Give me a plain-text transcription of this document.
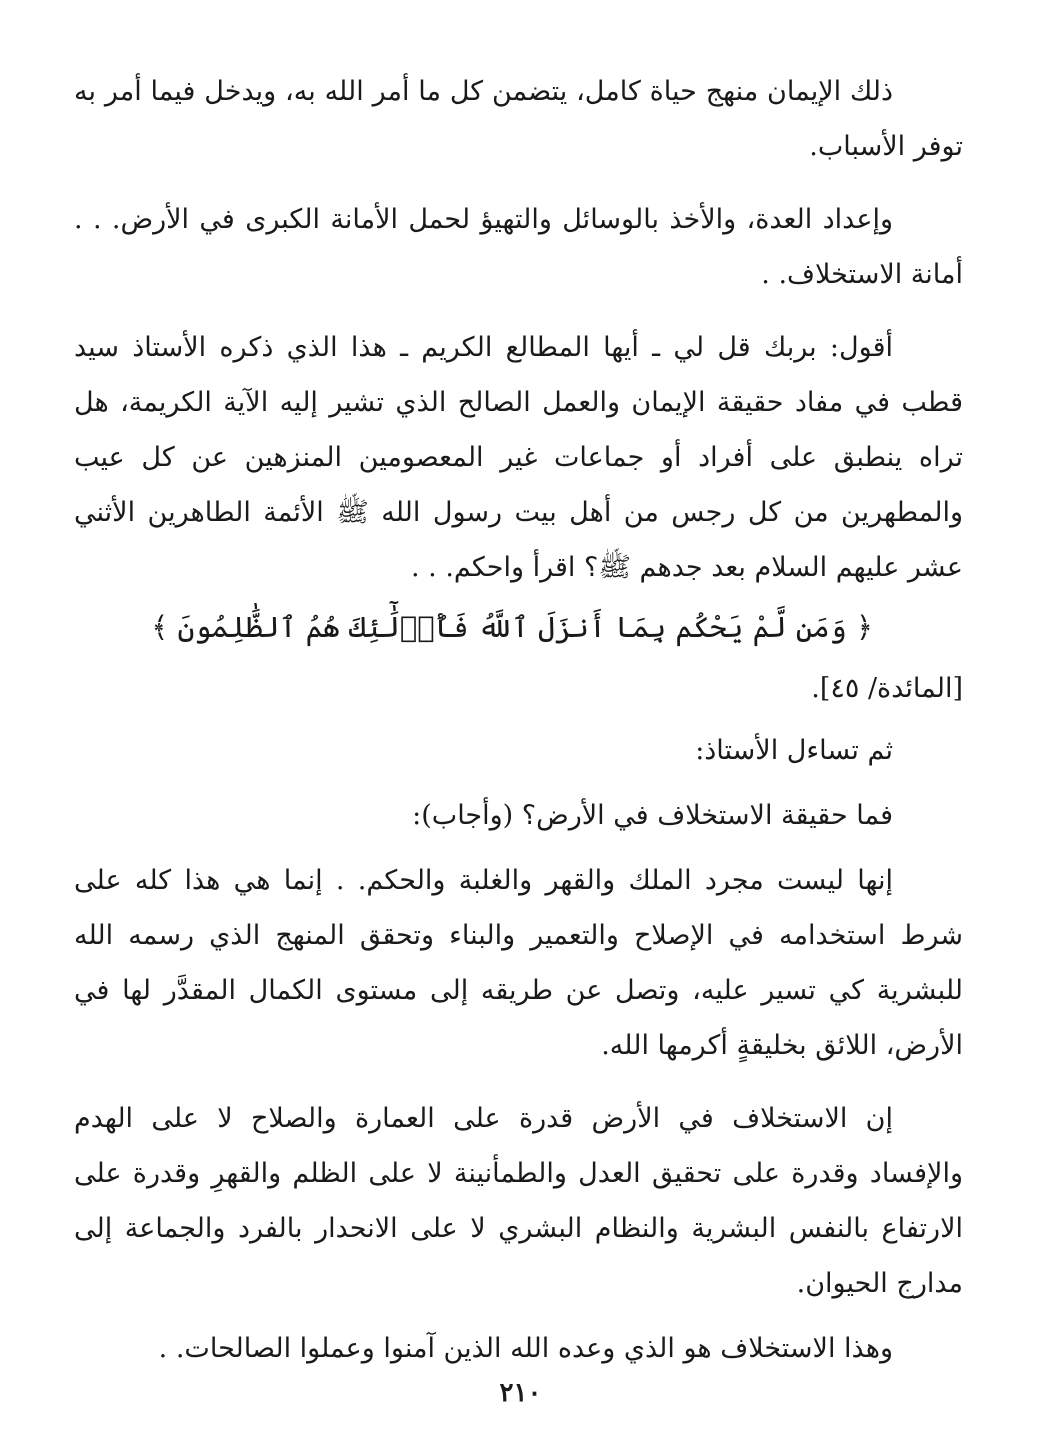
ذلك الإيمان منهج حياة كامل، يتضمن كل ما أمر الله به، ويدخل فيما أمر به توفر الأسباب.

وإعداد العدة، والأخذ بالوسائل والتهيؤ لحمل الأمانة الكبرى في الأرض. . . أمانة الاستخلاف. .

أقول: بربك قل لي ـ أيها المطالع الكريم ـ هذا الذي ذكره الأستاذ سيد قطب في مفاد حقيقة الإيمان والعمل الصالح الذي تشير إليه الآية الكريمة، هل تراه ينطبق على أفراد أو جماعات غير المعصومين المنزهين عن كل عيب والمطهرين من كل رجس من أهل بيت رسول الله ﷺ الأئمة الطاهرين الأثني عشر عليهم السلام بعد جدهم ﷺ؟ اقرأ واحكم. . .

﴿ وَمَن لَّمْ يَحْكُم بِمَا أَنزَلَ ٱللَّهُ فَأُو۟لَٰٓئِكَ هُمُ ٱلظَّٰلِمُونَ ﴾ [المائدة/ ٤٥].

ثم تساءل الأستاذ:

فما حقيقة الاستخلاف في الأرض؟ (وأجاب):

إنها ليست مجرد الملك والقهر والغلبة والحكم. . إنما هي هذا كله على شرط استخدامه في الإصلاح والتعمير والبناء وتحقق المنهج الذي رسمه الله للبشرية كي تسير عليه، وتصل عن طريقه إلى مستوى الكمال المقدَّر لها في الأرض، اللائق بخليقةٍ أكرمها الله.

إن الاستخلاف في الأرض قدرة على العمارة والصلاح لا على الهدم والإفساد وقدرة على تحقيق العدل والطمأنينة لا على الظلم والقهرِ وقدرة على الارتفاع بالنفس البشرية والنظام البشري لا على الانحدار بالفرد والجماعة إلى مدارج الحيوان.

وهذا الاستخلاف هو الذي وعده الله الذين آمنوا وعملوا الصالحات. .

٢١٠
